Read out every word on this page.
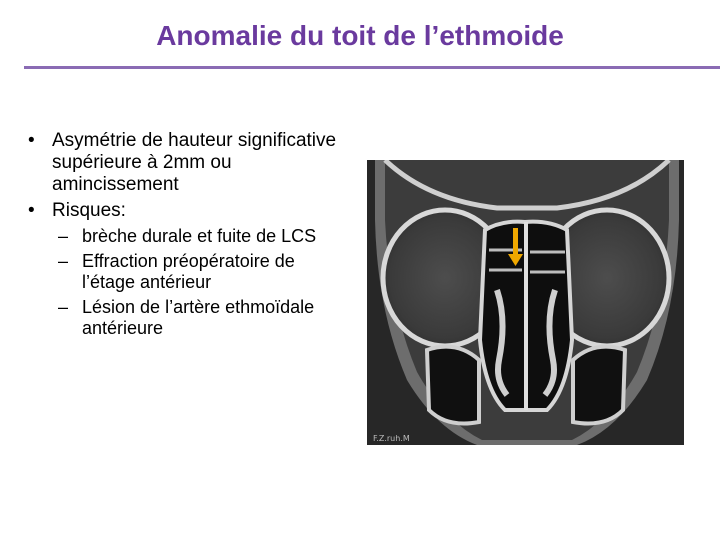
Anomalie du toit de l’ethmoide
• Asymétrie de hauteur significative supérieure à 2mm ou amincissement
• Risques:
– brèche durale et fuite de LCS
– Effraction préopératoire de l’étage antérieur
– Lésion de l’artère ethmoïdale antérieure
F.Z.ruh.M
